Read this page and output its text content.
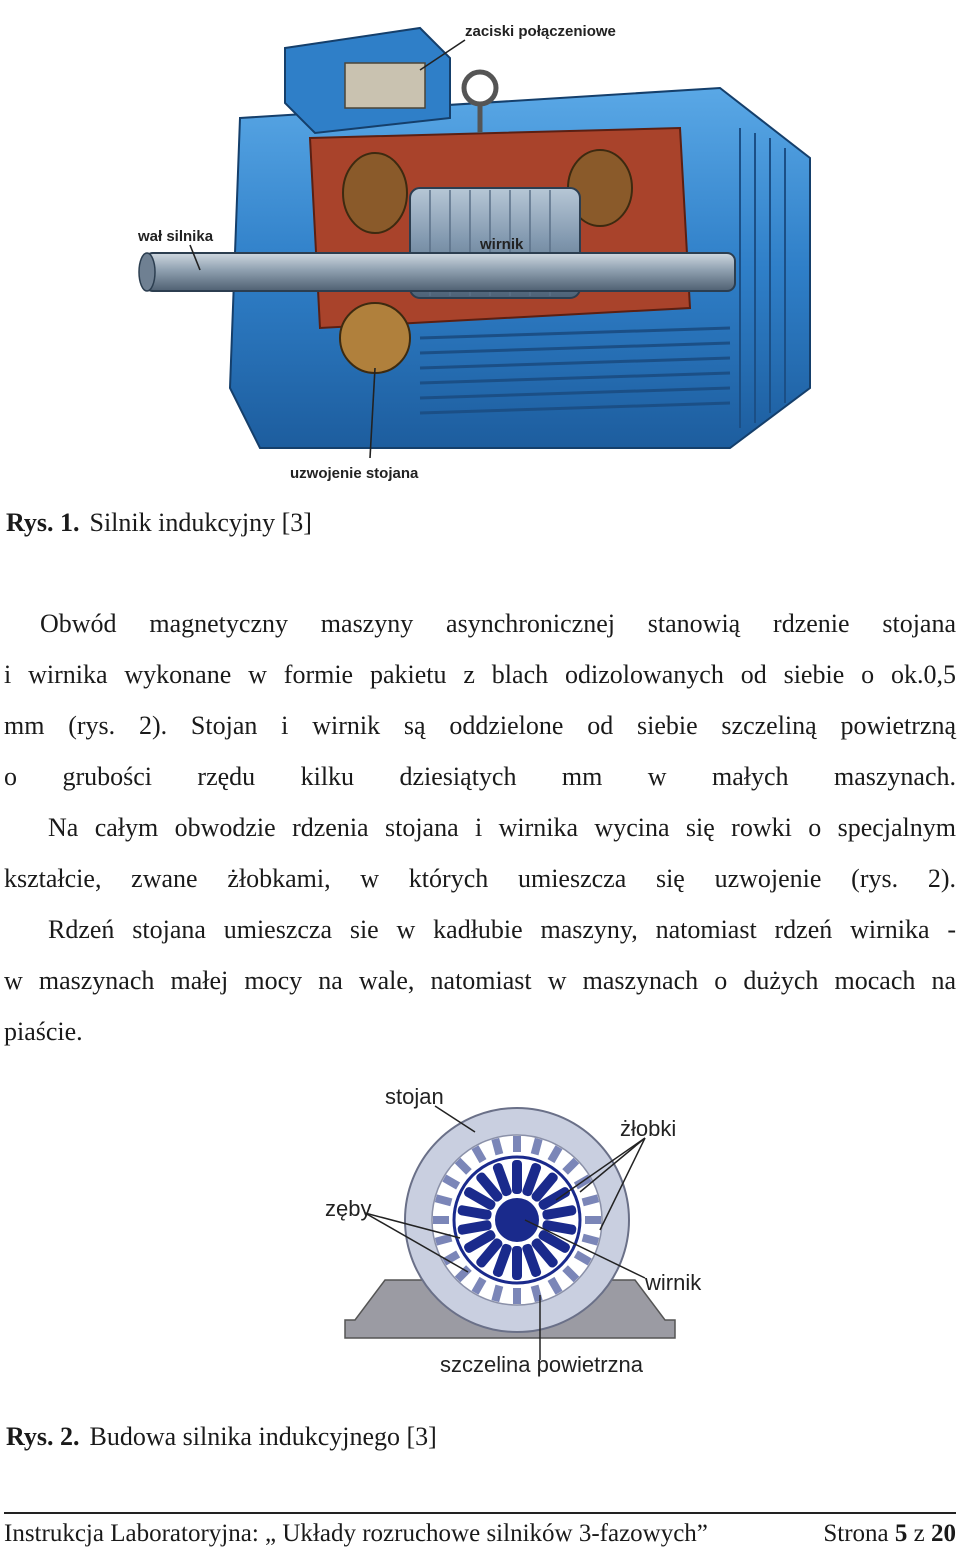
zaciski połączeniowe
wał silnika	wirnik
uzwojenie stojana
Rys. 1. Silnik indukcyjny [3]
Obwód magnetyczny maszyny asynchronicznej stanowią rdzenie stojana
i wirnika wykonane w formie pakietu z blach odizolowanych od siebie o ok.0,5
mm (rys. 2). Stojan i wirnik są oddzielone od siebie szczeliną powietrzną
o grubości rzędu kilku dziesiątych mm w małych maszynach.
Na całym obwodzie rdzenia stojana i wirnika wycina się rowki o specjalnym
kształcie, zwane żłobkami, w których umieszcza się uzwojenie (rys. 2).
Rdzeń stojana umieszcza sie w kadłubie maszyny, natomiast rdzeń wirnika -
w maszynach małej mocy na wale, natomiast w maszynach o dużych mocach na
piaście.
stojan
żłobki
zęby
wirnik
szczelina powietrzna
Rys. 2. Budowa silnika indukcyjnego [3]
Instrukcja Laboratoryjna: „ Układy rozruchowe silników 3-fazowych”	Strona 5 z 20
